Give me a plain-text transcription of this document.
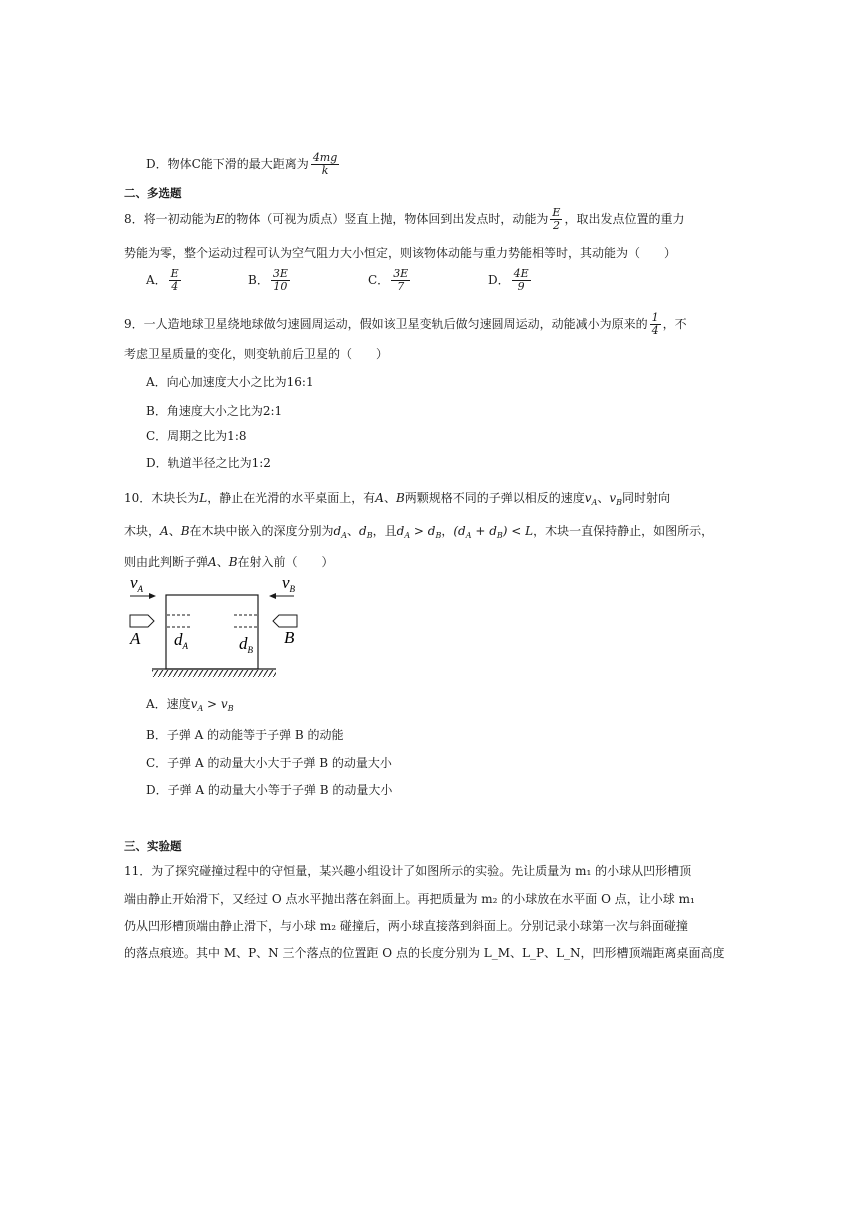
D．物体C能下滑的最大距离为 $\frac{4mg}{k}$
二、多选题
8．将一初动能为E的物体（可视为质点）竖直上抛，物体回到出发点时，动能为 $\frac{E}{2}$ ，取出发点位置的重力
势能为零，整个运动过程可认为空气阻力大小恒定，则该物体动能与重力势能相等时，其动能为（　　）
A． $\frac{E}{4}$	B． $\frac{3E}{10}$	C． $\frac{3E}{7}$	D． $\frac{4E}{9}$
9．一人造地球卫星绕地球做匀速圆周运动，假如该卫星变轨后做匀速圆周运动，动能减小为原来的 $\frac{1}{4}$ ，不
考虑卫星质量的变化，则变轨前后卫星的（　　）
A．向心加速度大小之比为16:1
B．角速度大小之比为2:1
C．周期之比为1:8
D．轨道半径之比为1:2
10．木块长为L，静止在光滑的水平桌面上，有A、B两颗规格不同的子弹以相反的速度$v_A$、$v_B$同时射向
木块，A、B在木块中嵌入的深度分别为$d_A$、$d_B$，且$d_A > d_B$，$(d_A + d_B) < L$，木块一直保持静止，如图所示，
则由此判断子弹A、B在射入前（　　）
$v_A$	$v_B$
A	B
$d_A$	$d_B$
A．速度$v_A > v_B$
B．子弹 A 的动能等于子弹 B 的动能
C．子弹 A 的动量大小大于子弹 B 的动量大小
D．子弹 A 的动量大小等于子弹 B 的动量大小
三、实验题
11．为了探究碰撞过程中的守恒量，某兴趣小组设计了如图所示的实验。先让质量为 m₁ 的小球从凹形槽顶
端由静止开始滑下，又经过 O 点水平抛出落在斜面上。再把质量为 m₂ 的小球放在水平面 O 点，让小球 m₁
仍从凹形槽顶端由静止滑下，与小球 m₂ 碰撞后，两小球直接落到斜面上。分别记录小球第一次与斜面碰撞
的落点痕迹。其中 M、P、N 三个落点的位置距 O 点的长度分别为 L_M、L_P、L_N，凹形槽顶端距离桌面高度
